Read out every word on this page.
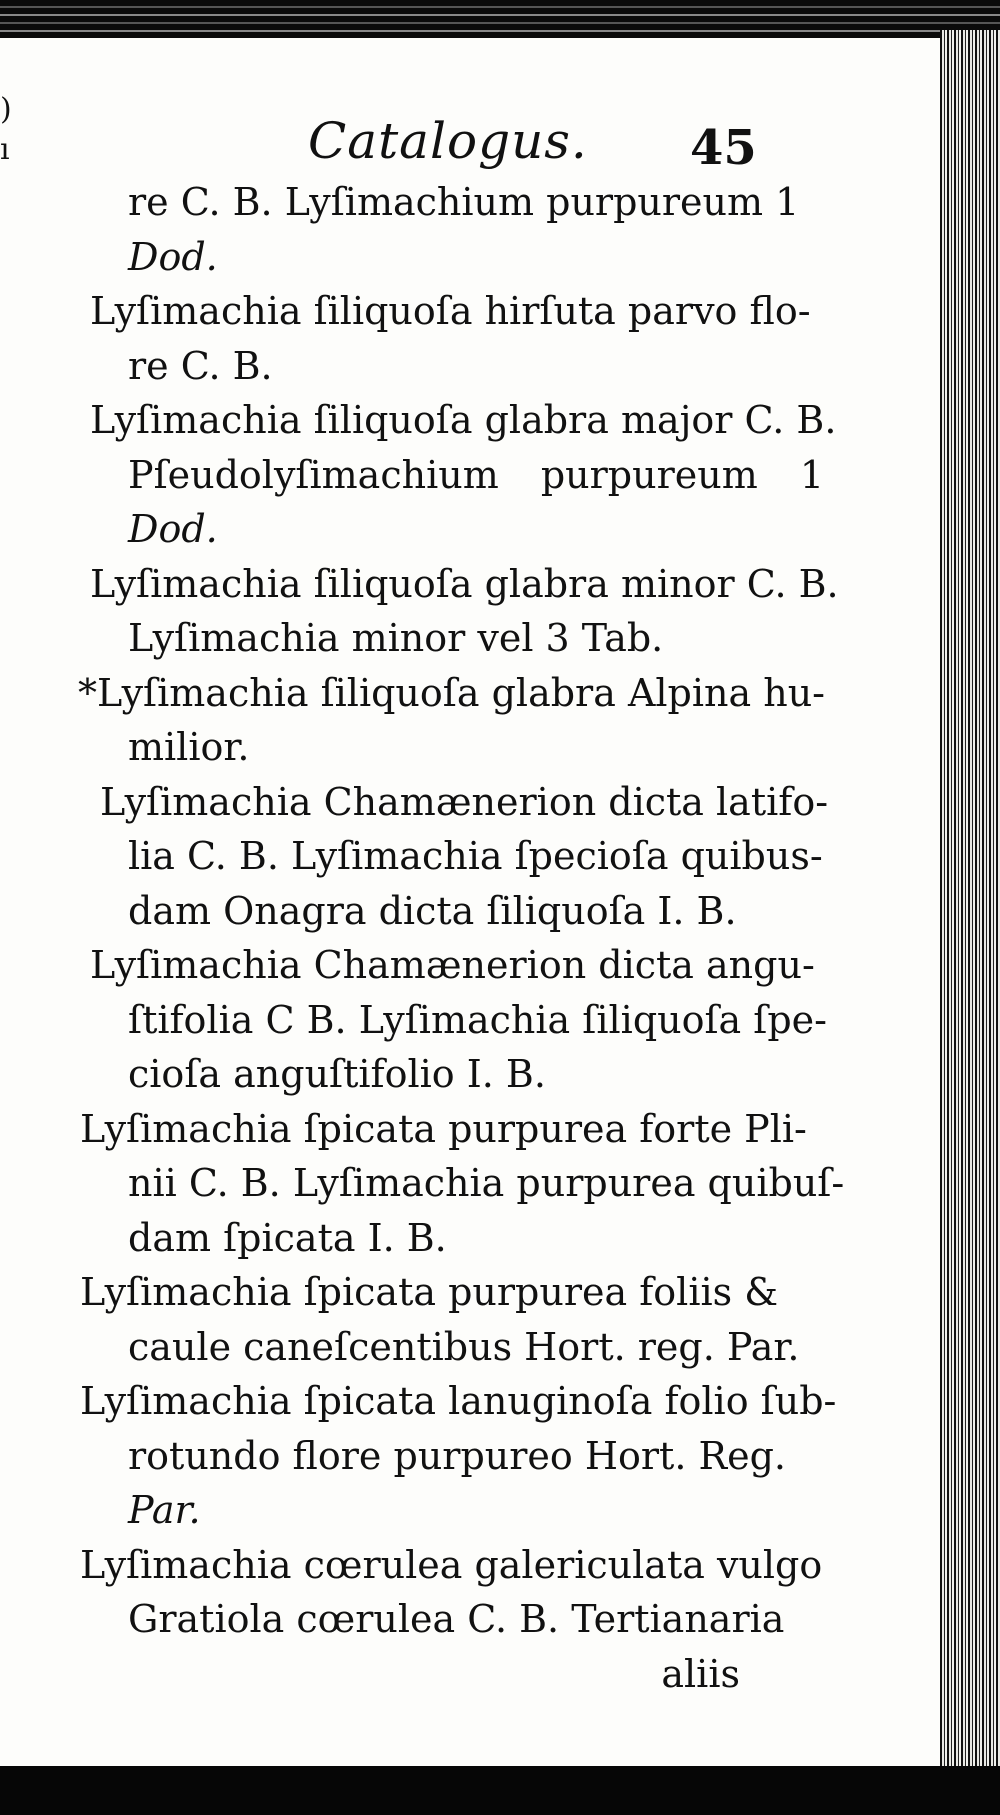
)
ı	Catalogus. 45
re C. B. Lyſimachium purpureum 1
Dod.
Lyſimachia ſiliquoſa hirſuta parvo flo-
re C. B.
Lyſimachia ſiliquoſa glabra major C. B.
Pſeudolyſimachium purpureum 1
Dod.
Lyſimachia ſiliquoſa glabra minor C. B.
Lyſimachia minor vel 3 Tab.
*Lyſimachia ſiliquoſa glabra Alpina hu-
milior.
Lyſimachia Chamænerion dicta latifo-
lia C. B. Lyſimachia ſpecioſa quibus-
dam Onagra dicta ſiliquoſa I. B.
Lyſimachia Chamænerion dicta angu-
ſtifolia C B. Lyſimachia ſiliquoſa ſpe-
cioſa anguſtifolio I. B.
Lyſimachia ſpicata purpurea forte Pli-
nii C. B. Lyſimachia purpurea quibuſ-
dam ſpicata I. B.
Lyſimachia ſpicata purpurea foliis &
caule caneſcentibus Hort. reg. Par.
Lyſimachia ſpicata lanuginoſa folio ſub-
rotundo flore purpureo Hort. Reg.
Par.
Lyſimachia cœrulea galericulata vulgo
Gratiola cœrulea C. B. Tertianaria
aliis
